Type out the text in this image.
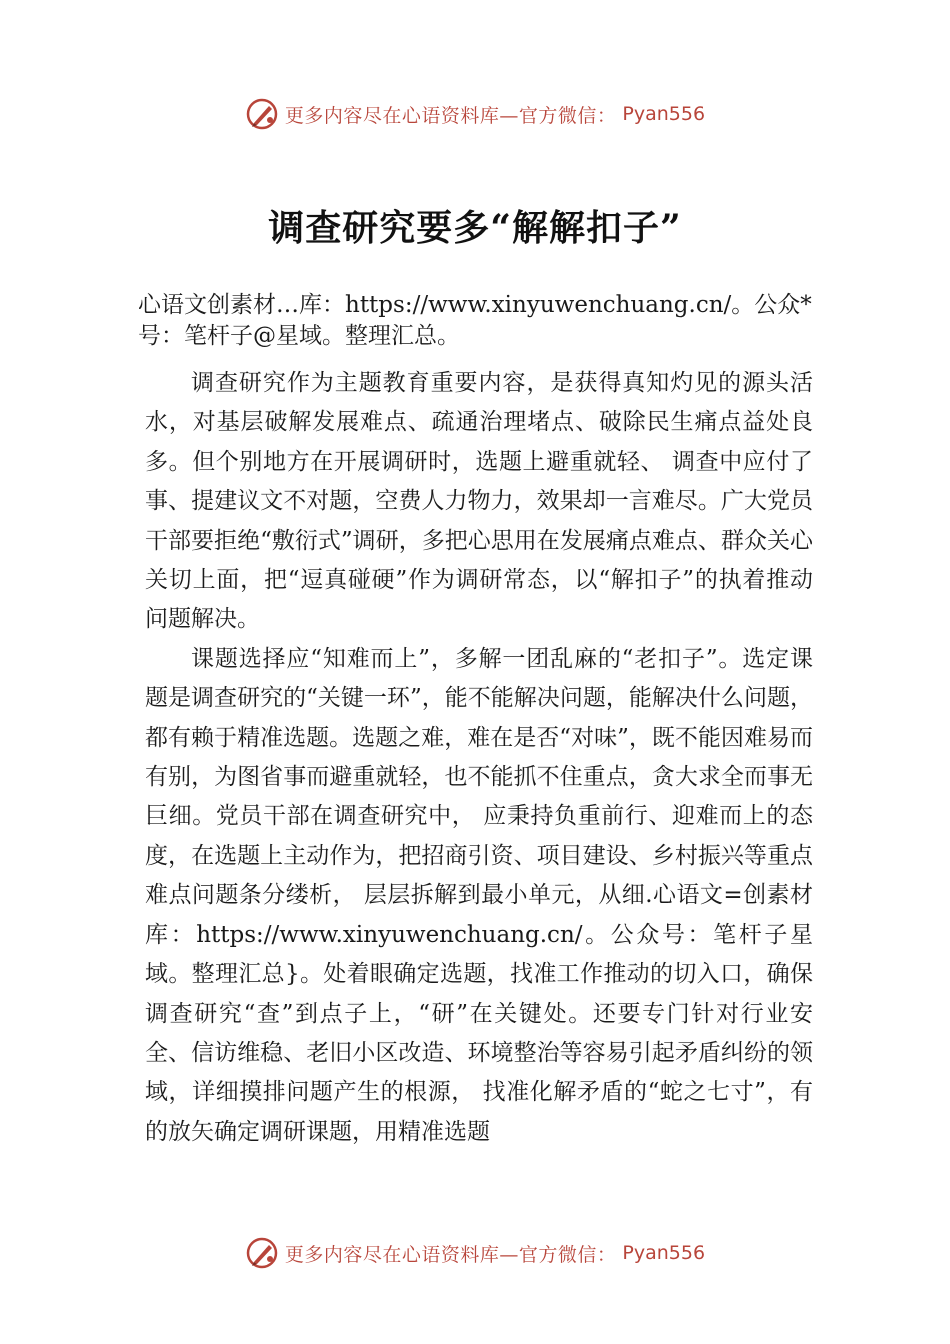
更多内容尽在心语资料库—官方微信： Pyan556
调查研究要多“解解扣子”
心语文创素材…库：https://www.xinyuwenchuang.cn/。公众*号：笔杆子@星域。整理汇总。

调查研究作为主题教育重要内容，是获得真知灼见的源头活水，对基层破解发展难点、疏通治理堵点、破除民生痛点益处良多。但个别地方在开展调研时，选题上避重就轻、 调查中应付了事、提建议文不对题，空费人力物力，效果却一言难尽。广大党员干部要拒绝“敷衍式”调研，多把心思用在发展痛点难点、群众关心关切上面，把“逗真碰硬”作为调研常态，以“解扣子”的执着推动问题解决。

课题选择应“知难而上”，多解一团乱麻的“老扣子”。选定课题是调查研究的“关键一环”，能不能解决问题，能解决什么问题，都有赖于精准选题。选题之难，难在是否“对味”，既不能因难易而有别，为图省事而避重就轻，也不能抓不住重点，贪大求全而事无巨细。党员干部在调查研究中， 应秉持负重前行、迎难而上的态度，在选题上主动作为，把招商引资、项目建设、乡村振兴等重点难点问题条分缕析， 层层拆解到最小单元，从细.心语文=创素材库：https://www.xinyuwenchuang.cn/。公众号：笔杆子星域。整理汇总}。处着眼确定选题，找准工作推动的切入口，确保调查研究“查”到点子上，“研”在关键处。还要专门针对行业安全、信访维稳、老旧小区改造、环境整治等容易引起矛盾纠纷的领域，详细摸排问题产生的根源， 找准化解矛盾的“蛇之七寸”，有的放矢确定调研课题，用精准选题

更多内容尽在心语资料库—官方微信： Pyan556
